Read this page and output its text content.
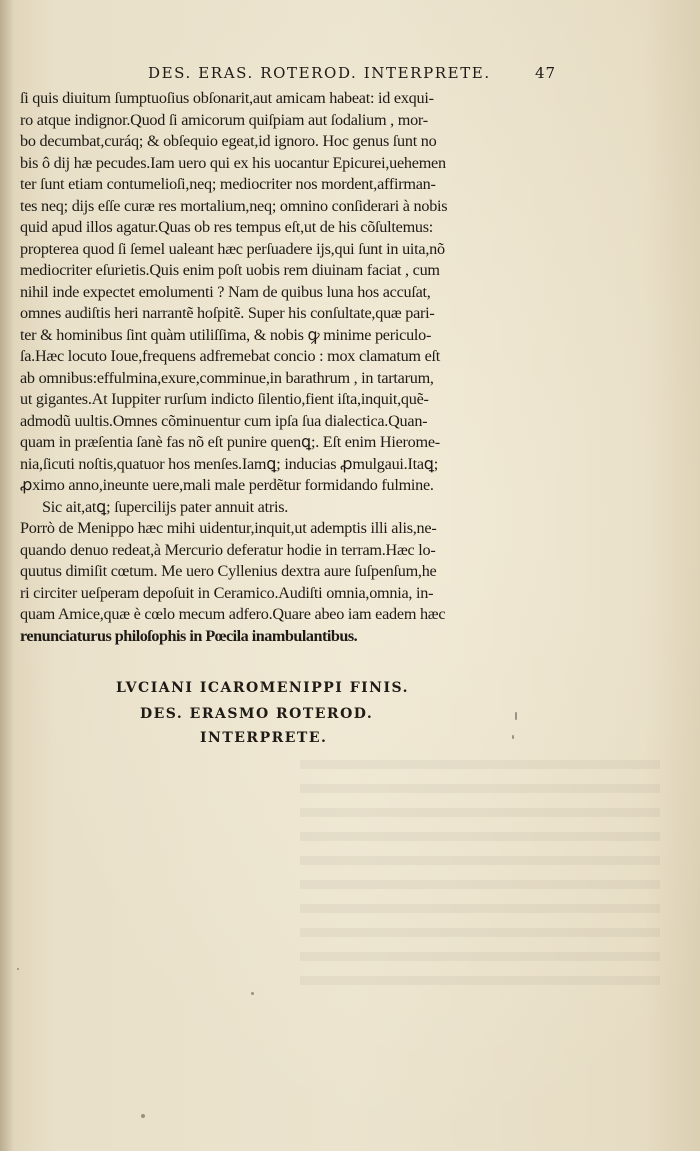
DES. ERAS. ROTEROD. INTERPRETE.	47
ſi quis diuitum ſumptuoſius obſonarit,aut amicam habeat: id exqui-
ro atque indignor.Quod ſi amicorum quiſpiam aut ſodalium , mor-
bo decumbat,curáq; & obſequio egeat,id ignoro. Hoc genus ſunt no
bis ô dij hæ pecudes.Iam uero qui ex his uocantur Epicurei,uehemen
ter ſunt etiam contumelioſi,neq; mediocriter nos mordent,affirman-
tes neq; dijs eſſe curæ res mortalium,neq; omnino conſiderari à nobis
quid apud illos agatur.Quas ob res tempus eſt,ut de his cõſultemus:
propterea quod ſi ſemel ualeant hæc perſuadere ijs,qui ſunt in uita,nõ
mediocriter eſurietis.Quis enim poſt uobis rem diuinam faciat , cum
nihil inde expectet emolumenti ? Nam de quibus luna hos accuſat,
omnes audiſtis heri narrantẽ hoſpitẽ. Super his conſultate,quæ pari-
ter & hominibus ſint quàm utiliſſima, & nobis ꝙ minime periculo-
ſa.Hæc locuto Ioue,frequens adfremebat concio : mox clamatum eſt
ab omnibus:effulmina,exure,comminue,in barathrum , in tartarum,
ut gigantes.At Iuppiter rurſum indicto ſilentio,fient iſta,inquit,quẽ-
admodũ uultis.Omnes cõminuentur cum ipſa ſua dialectica.Quan-
quam in præſentia ſanè fas nõ eſt punire quenꝗ;. Eſt enim Hierome-
nia,ſicuti noſtis,quatuor hos menſes.Iamꝗ; inducias ꝓmulgaui.Itaꝗ;
ꝓximo anno,ineunte uere,mali male perdẽtur formidando fulmine.
Sic ait,atꝗ; ſupercilijs pater annuit atris.
Porrò de Menippo hæc mihi uidentur,inquit,ut ademptis illi alis,ne-
quando denuo redeat,à Mercurio deferatur hodie in terram.Hæc lo-
quutus dimiſit cœtum. Me uero Cyllenius dextra aure ſuſpenſum,he
ri circiter ueſperam depoſuit in Ceramico.Audiſti omnia,omnia, in-
quam Amice,quæ è cœlo mecum adfero.Quare abeo iam eadem hæc
renunciaturus philoſophis in Pœcila inambulantibus.
LVCIANI ICAROMENIPPI FINIS.
DES. ERASMO ROTEROD.
INTERPRETE.
